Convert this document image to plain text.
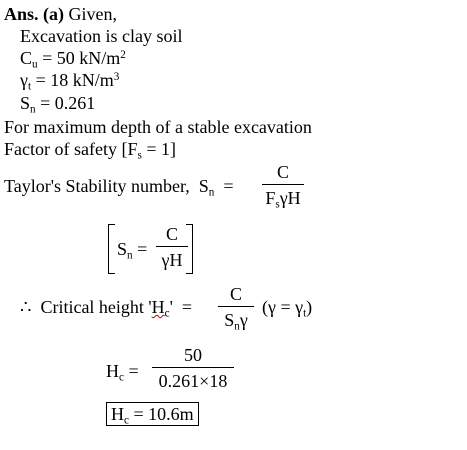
Ans. (a) Given,
Excavation is clay soil
$C_u = 50$ $kN/m^2$
$\gamma_t = 18$ $kN/m^3$
$S_n = 0.261$
For maximum depth of a stable excavation
Factor of safety $[F_s = 1]$
Taylor's Stability number, $S_n$ =
C
$F_s\gamma H$
$S_n$ =
C
γH
∴ Critical height '$H_c$' =
C
$S_n\gamma$
$(\gamma = \gamma_t)$
$H_c$ =
50
0.261×18
$H_c = 10.6m$
